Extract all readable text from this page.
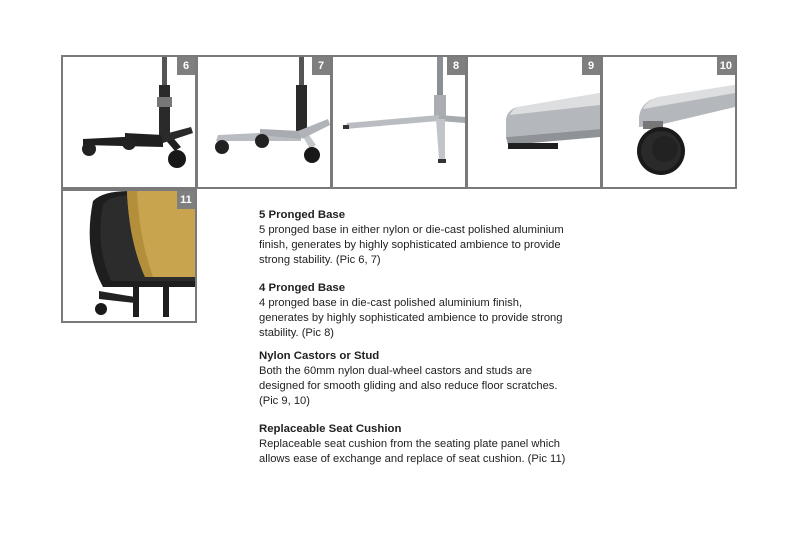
6	7	8	9	10
11
5 Pronged Base

5 pronged base in either nylon or die-cast polished aluminium

finish, generates by highly sophisticated ambience to provide

strong stability. (Pic 6, 7)

4 Pronged Base

4 pronged base in die-cast polished aluminium finish,

generates by highly sophisticated ambience to provide strong

stability. (Pic 8)

Nylon Castors or Stud

Both the 60mm nylon dual-wheel castors and studs are

designed for smooth gliding and also reduce floor scratches.

(Pic 9, 10)

Replaceable Seat Cushion

Replaceable seat cushion from the seating plate panel which

allows ease of exchange and replace of seat cushion. (Pic 11)
